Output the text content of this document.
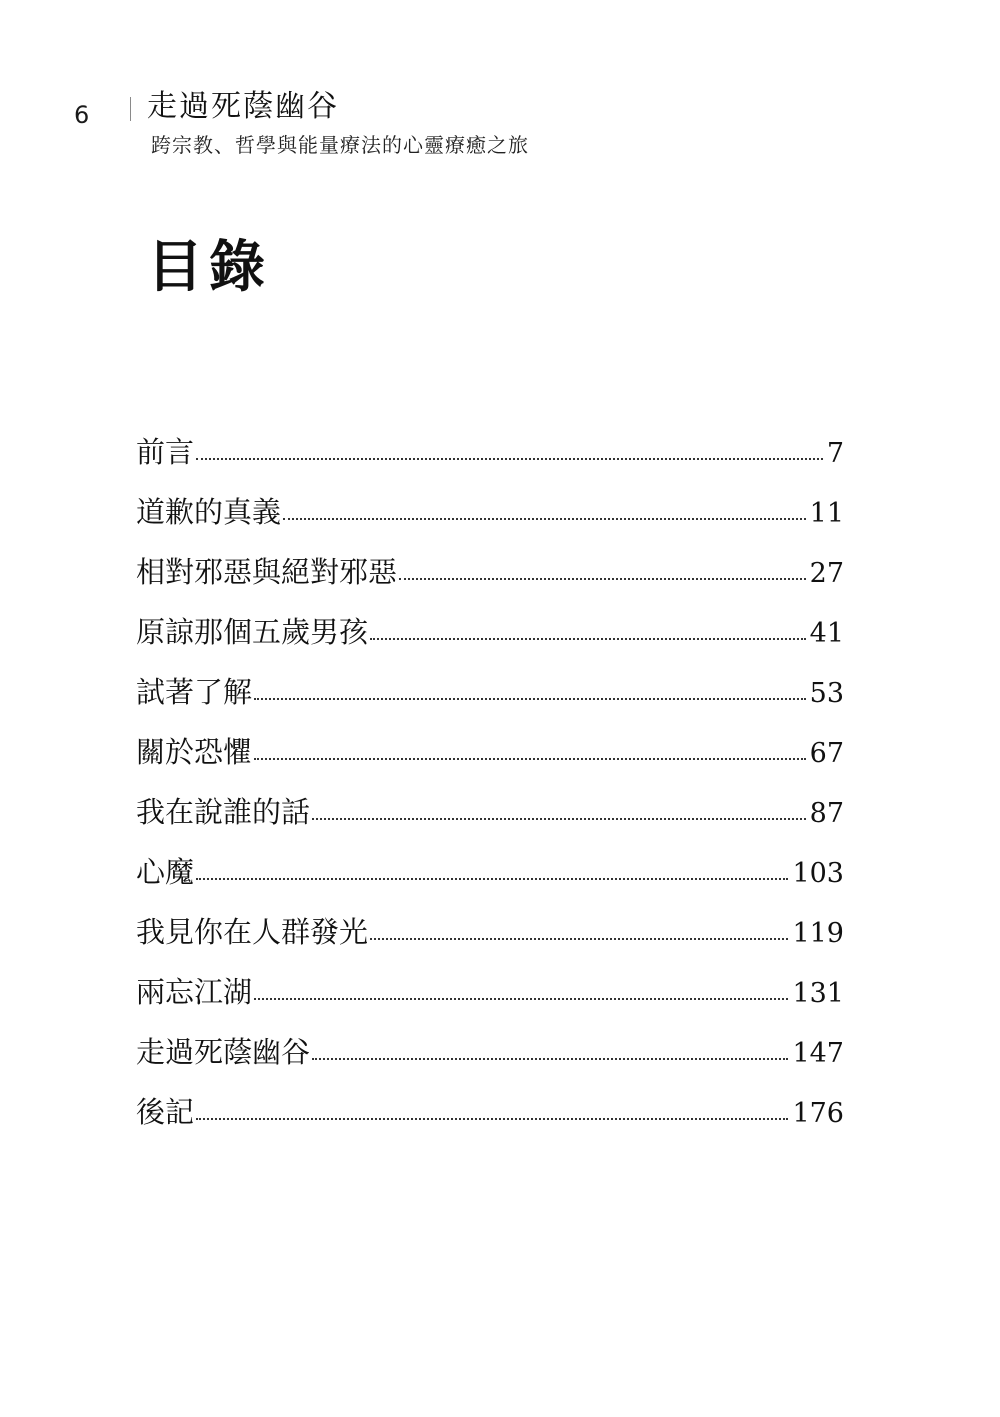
6 走過死蔭幽谷
跨宗教、哲學與能量療法的心靈療癒之旅
目錄
前言	7
道歉的真義	11
相對邪惡與絕對邪惡	27
原諒那個五歲男孩	41
試著了解	53
關於恐懼	67
我在說誰的話	87
心魔	103
我見你在人群發光	119
兩忘江湖	131
走過死蔭幽谷	147
後記	176
